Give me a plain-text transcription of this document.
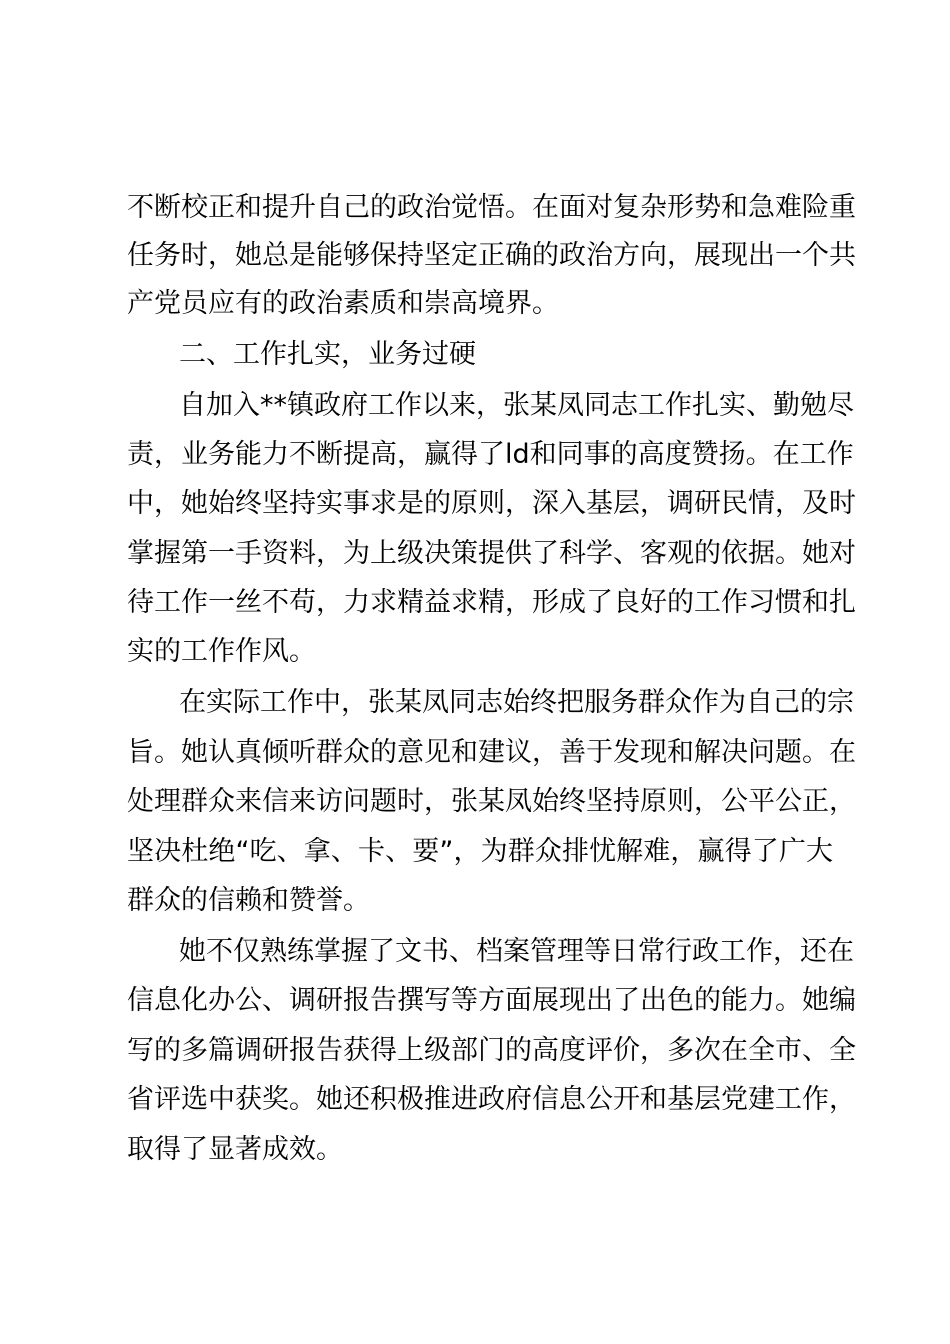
不断校正和提升自己的政治觉悟。在面对复杂形势和急难险重
任务时，她总是能够保持坚定正确的政治方向，展现出一个共
产党员应有的政治素质和崇高境界。
二、工作扎实，业务过硬
自加入**镇政府工作以来，张某凤同志工作扎实、勤勉尽
责，业务能力不断提高，赢得了ld和同事的高度赞扬。在工作
中，她始终坚持实事求是的原则，深入基层，调研民情，及时
掌握第一手资料，为上级决策提供了科学、客观的依据。她对
待工作一丝不苟，力求精益求精，形成了良好的工作习惯和扎
实的工作作风。
在实际工作中，张某凤同志始终把服务群众作为自己的宗
旨。她认真倾听群众的意见和建议，善于发现和解决问题。在
处理群众来信来访问题时，张某凤始终坚持原则，公平公正，
坚决杜绝“吃、拿、卡、要”，为群众排忧解难，赢得了广大
群众的信赖和赞誉。
她不仅熟练掌握了文书、档案管理等日常行政工作，还在
信息化办公、调研报告撰写等方面展现出了出色的能力。她编
写的多篇调研报告获得上级部门的高度评价，多次在全市、全
省评选中获奖。她还积极推进政府信息公开和基层党建工作，
取得了显著成效。
